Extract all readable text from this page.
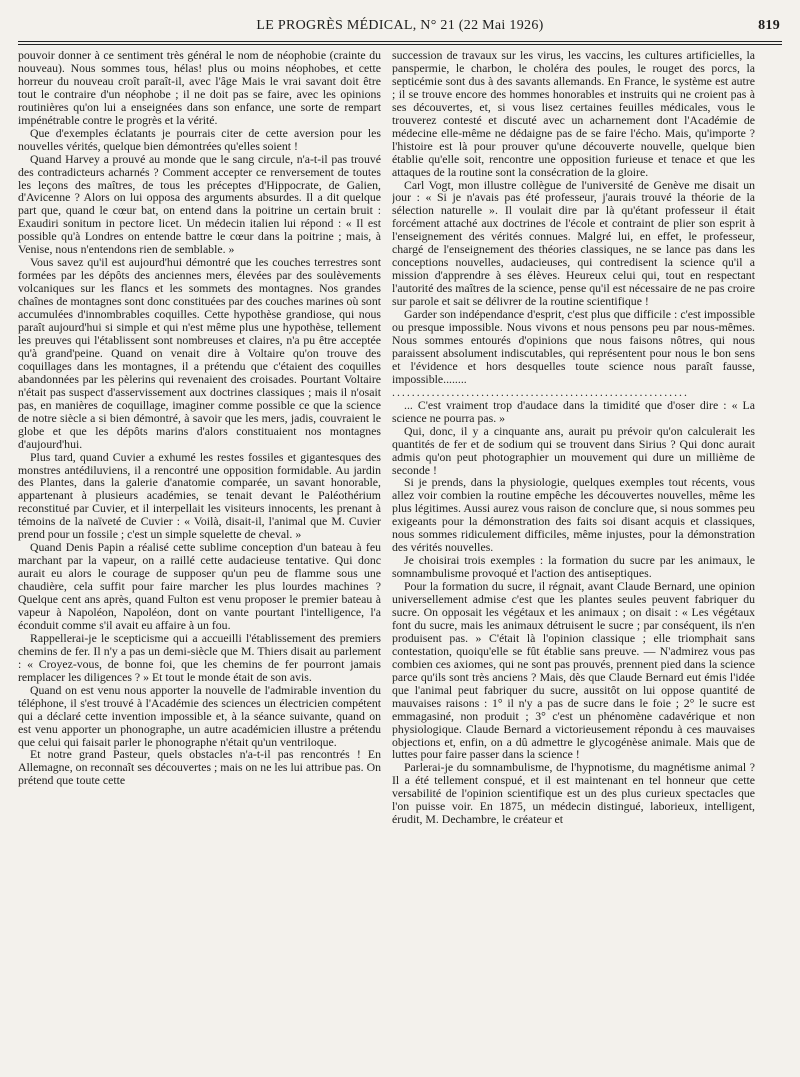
LE PROGRÈS MÉDICAL, N° 21 (22 Mai 1926)	819

pouvoir donner à ce sentiment très général le nom de néophobie (crainte du nouveau). Nous sommes tous, hélas! plus ou moins néophobes, et cette horreur du nouveau croît paraît-il, avec l'âge Mais le vrai savant doit être tout le contraire d'un néophobe ; il ne doit pas se faire, avec les opinions routinières qu'on lui a enseignées dans son enfance, une sorte de rempart impénétrable contre le progrès et la vérité.

Que d'exemples éclatants je pourrais citer de cette aversion pour les nouvelles vérités, quelque bien démontrées qu'elles soient !

Quand Harvey a prouvé au monde que le sang circule, n'a-t-il pas trouvé des contradicteurs acharnés ? Comment accepter ce renversement de toutes les leçons des maîtres, de tous les préceptes d'Hippocrate, de Galien, d'Avicenne ? Alors on lui opposa des arguments absurdes. Il a dit quelque part que, quand le cœur bat, on entend dans la poitrine un certain bruit : Exaudiri sonitum in pectore licet. Un médecin italien lui répond : « Il est possible qu'à Londres on entende battre le cœur dans la poitrine ; mais, à Venise, nous n'entendons rien de semblable. »

Vous savez qu'il est aujourd'hui démontré que les couches terrestres sont formées par les dépôts des anciennes mers, élevées par des soulèvements volcaniques sur les flancs et les sommets des montagnes. Nos grandes chaînes de montagnes sont donc constituées par des couches marines où sont accumulées d'innombrables coquilles. Cette hypothèse grandiose, qui nous paraît aujourd'hui si simple et qui n'est même plus une hypothèse, tellement les preuves qui l'établissent sont nombreuses et claires, n'a pu être acceptée qu'à grand'peine. Quand on venait dire à Voltaire qu'on trouve des coquillages dans les montagnes, il a prétendu que c'étaient des coquilles abandonnées par les pèlerins qui revenaient des croisades. Pourtant Voltaire n'était pas suspect d'asservissement aux doctrines classiques ; mais il n'osait pas, en manières de coquillage, imaginer comme possible ce que la science de notre siècle a si bien démontré, à savoir que les mers, jadis, couvraient le globe et que les dépôts marins d'alors constituaient nos montagnes d'aujourd'hui.

Plus tard, quand Cuvier a exhumé les restes fossiles et gigantesques des monstres antédiluviens, il a rencontré une opposition formidable. Au jardin des Plantes, dans la galerie d'anatomie comparée, un savant honorable, appartenant à plusieurs académies, se tenait devant le Paléothérium reconstitué par Cuvier, et il interpellait les visiteurs innocents, les prenant à témoins de la naïveté de Cuvier : « Voilà, disait-il, l'animal que M. Cuvier prend pour un fossile ; c'est un simple squelette de cheval. »

Quand Denis Papin a réalisé cette sublime conception d'un bateau à feu marchant par la vapeur, on a raillé cette audacieuse tentative. Qui donc aurait eu alors le courage de supposer qu'un peu de flamme sous une chaudière, cela suffit pour faire marcher les plus lourdes machines ? Quelque cent ans après, quand Fulton est venu proposer le premier bateau à vapeur à Napoléon, Napoléon, dont on vante pourtant l'intelligence, l'a éconduit comme s'il avait eu affaire à un fou.

Rappellerai-je le scepticisme qui a accueilli l'établissement des premiers chemins de fer. Il n'y a pas un demi-siècle que M. Thiers disait au parlement : « Croyez-vous, de bonne foi, que les chemins de fer pourront jamais remplacer les diligences ? » Et tout le monde était de son avis.

Quand on est venu nous apporter la nouvelle de l'admirable invention du téléphone, il s'est trouvé à l'Académie des sciences un électricien compétent qui a déclaré cette invention impossible et, à la séance suivante, quand on est venu apporter un phonographe, un autre académicien illustre a prétendu que celui qui faisait parler le phonographe n'était qu'un ventriloque.

Et notre grand Pasteur, quels obstacles n'a-t-il pas rencontrés ! En Allemagne, on reconnaît ses découvertes ; mais on ne les lui attribue pas. On prétend que toute cette

succession de travaux sur les virus, les vaccins, les cultures artificielles, la panspermie, le charbon, le choléra des poules, le rouget des porcs, la septicémie sont dus à des savants allemands. En France, le système est autre ; il se trouve encore des hommes honorables et instruits qui ne croient pas à ses découvertes, et, si vous lisez certaines feuilles médicales, vous le trouverez contesté et discuté avec un acharnement dont l'Académie de médecine elle-même ne dédaigne pas de se faire l'écho. Mais, qu'importe ? l'histoire est là pour prouver qu'une découverte nouvelle, quelque bien établie qu'elle soit, rencontre une opposition furieuse et tenace et que les attaques de la routine sont la consécration de la gloire.

Carl Vogt, mon illustre collègue de l'université de Genève me disait un jour : « Si je n'avais pas été professeur, j'aurais trouvé la théorie de la sélection naturelle ». Il voulait dire par là qu'étant professeur il était forcément attaché aux doctrines de l'école et contraint de plier son esprit à l'enseignement des vérités connues. Malgré lui, en effet, le professeur, chargé de l'enseignement des théories classiques, ne se lance pas dans les conceptions nouvelles, audacieuses, qui contredisent la science qu'il a mission d'apprendre à ses élèves. Heureux celui qui, tout en respectant l'autorité des maîtres de la science, pense qu'il est nécessaire de ne pas croire sur parole et sait se délivrer de la routine scientifique !

Garder son indépendance d'esprit, c'est plus que difficile : c'est impossible ou presque impossible. Nous vivons et nous pensons peu par nous-mêmes. Nous sommes entourés d'opinions que nous faisons nôtres, qui nous paraissent absolument indiscutables, qui représentent pour nous le bon sens et l'évidence et hors desquelles toute science nous paraît fausse, impossible........

............................................................

... C'est vraiment trop d'audace dans la timidité que d'oser dire : « La science ne pourra pas. »

Qui, donc, il y a cinquante ans, aurait pu prévoir qu'on calculerait les quantités de fer et de sodium qui se trouvent dans Sirius ? Qui donc aurait admis qu'on peut photographier un mouvement qui dure un millième de seconde !

Si je prends, dans la physiologie, quelques exemples tout récents, vous allez voir combien la routine empêche les découvertes nouvelles, même les plus légitimes. Aussi aurez vous raison de conclure que, si nous sommes peu exigeants pour la démonstration des faits soi disant acquis et classiques, nous sommes ridiculement difficiles, même injustes, pour la démonstration des vérités nouvelles.

Je choisirai trois exemples : la formation du sucre par les animaux, le somnambulisme provoqué et l'action des antiseptiques.

Pour la formation du sucre, il régnait, avant Claude Bernard, une opinion universellement admise c'est que les plantes seules peuvent fabriquer du sucre. On opposait les végétaux et les animaux ; on disait : « Les végétaux font du sucre, mais les animaux détruisent le sucre ; par conséquent, ils n'en produisent pas. » C'était là l'opinion classique ; elle triomphait sans contestation, quoiqu'elle se fût établie sans preuve. — N'admirez vous pas combien ces axiomes, qui ne sont pas prouvés, prennent pied dans la science parce qu'ils sont très anciens ? Mais, dès que Claude Bernard eut émis l'idée que l'animal peut fabriquer du sucre, aussitôt on lui oppose quantité de mauvaises raisons : 1° il n'y a pas de sucre dans le foie ; 2° le sucre est emmagasiné, non produit ; 3° c'est un phénomène cadavérique et non physiologique. Claude Bernard a victorieusement répondu à ces mauvaises objections et, enfin, on a dû admettre le glycogénèse animale. Mais que de luttes pour faire passer dans la science !

Parlerai-je du somnambulisme, de l'hypnotisme, du magnétisme animal ? Il a été tellement conspué, et il est maintenant en tel honneur que cette versabilité de l'opinion scientifique est un des plus curieux spectacles que l'on puisse voir. En 1875, un médecin distingué, laborieux, intelligent, érudit, M. Dechambre, le créateur et
